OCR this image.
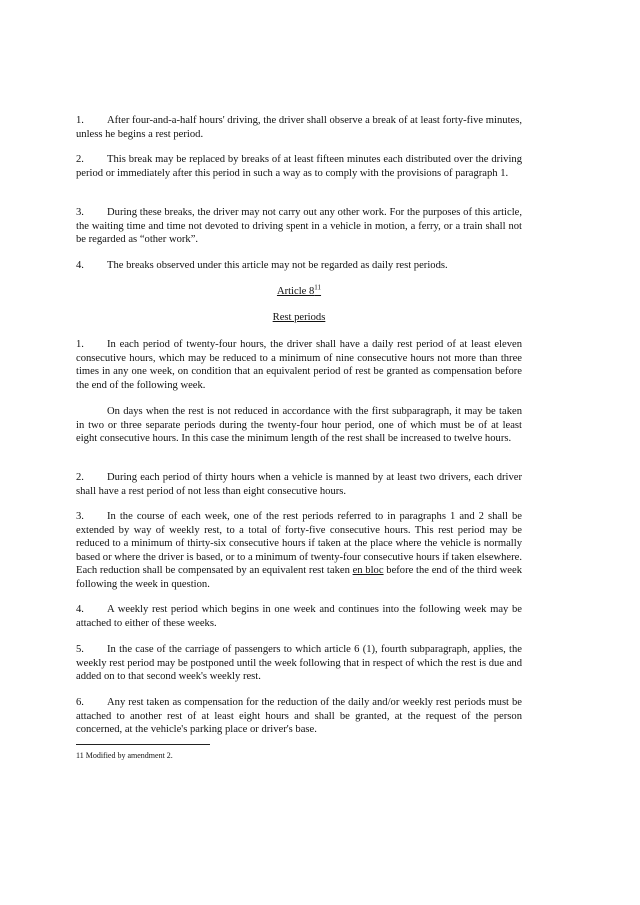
1. After four-and-a-half hours' driving, the driver shall observe a break of at least forty-five minutes, unless he begins a rest period.

2. This break may be replaced by breaks of at least fifteen minutes each distributed over the driving period or immediately after this period in such a way as to comply with the provisions of paragraph 1.

3. During these breaks, the driver may not carry out any other work. For the purposes of this article, the waiting time and time not devoted to driving spent in a vehicle in motion, a ferry, or a train shall not be regarded as “other work”.

4. The breaks observed under this article may not be regarded as daily rest periods.

Article $8^{11}$

Rest periods

1. In each period of twenty-four hours, the driver shall have a daily rest period of at least eleven consecutive hours, which may be reduced to a minimum of nine consecutive hours not more than three times in any one week, on condition that an equivalent period of rest be granted as compensation before the end of the following week.

On days when the rest is not reduced in accordance with the first subparagraph, it may be taken in two or three separate periods during the twenty-four hour period, one of which must be of at least eight consecutive hours. In this case the minimum length of the rest shall be increased to twelve hours.

2. During each period of thirty hours when a vehicle is manned by at least two drivers, each driver shall have a rest period of not less than eight consecutive hours.

3. In the course of each week, one of the rest periods referred to in paragraphs 1 and 2 shall be extended by way of weekly rest, to a total of forty-five consecutive hours. This rest period may be reduced to a minimum of thirty-six consecutive hours if taken at the place where the vehicle is normally based or where the driver is based, or to a minimum of twenty-four consecutive hours if taken elsewhere. Each reduction shall be compensated by an equivalent rest taken en bloc before the end of the third week following the week in question.

4. A weekly rest period which begins in one week and continues into the following week may be attached to either of these weeks.

5. In the case of the carriage of passengers to which article 6 (1), fourth subparagraph, applies, the weekly rest period may be postponed until the week following that in respect of which the rest is due and added on to that second week's weekly rest.

6. Any rest taken as compensation for the reduction of the daily and/or weekly rest periods must be attached to another rest of at least eight hours and shall be granted, at the request of the person concerned, at the vehicle's parking place or driver's base.

11 Modified by amendment 2.
